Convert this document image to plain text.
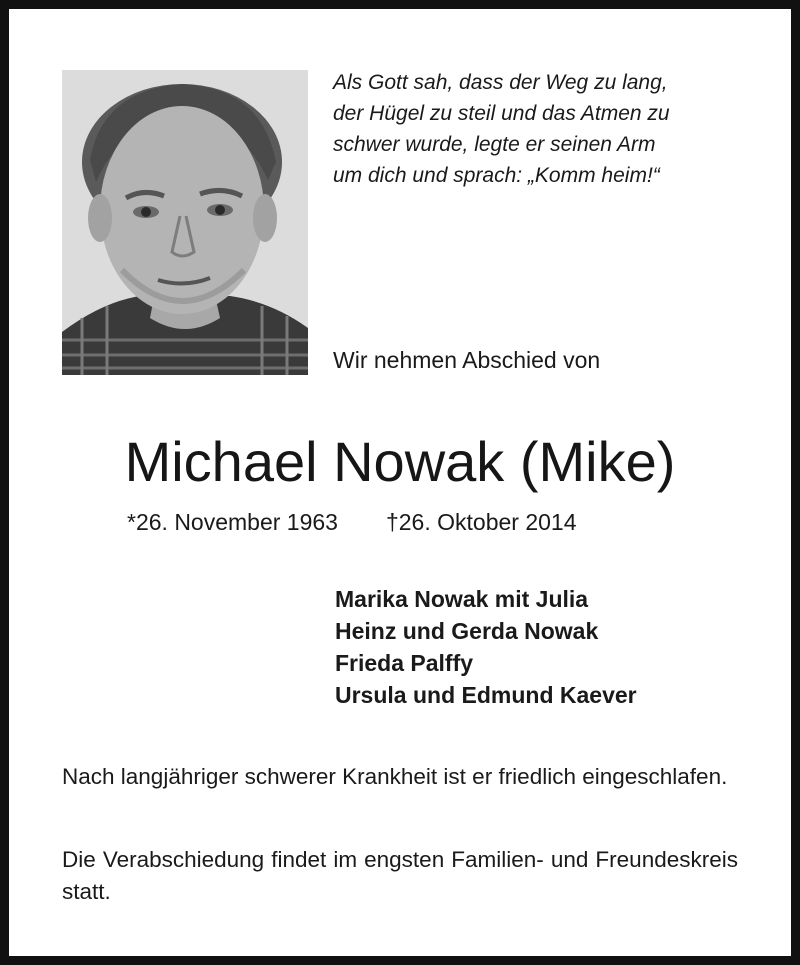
Als Gott sah, dass der Weg zu lang,
der Hügel zu steil und das Atmen zu
schwer wurde, legte er seinen Arm
um dich und sprach: „Komm heim!“
Wir nehmen Abschied von
Michael Nowak (Mike)
*26. November 1963 †26. Oktober 2014
Marika Nowak mit Julia
Heinz und Gerda Nowak
Frieda Palffy
Ursula und Edmund Kaever
Nach langjähriger schwerer Krankheit ist er friedlich eingeschlafen.
Die Verabschiedung findet im engsten Familien- und Freundeskreis statt.
